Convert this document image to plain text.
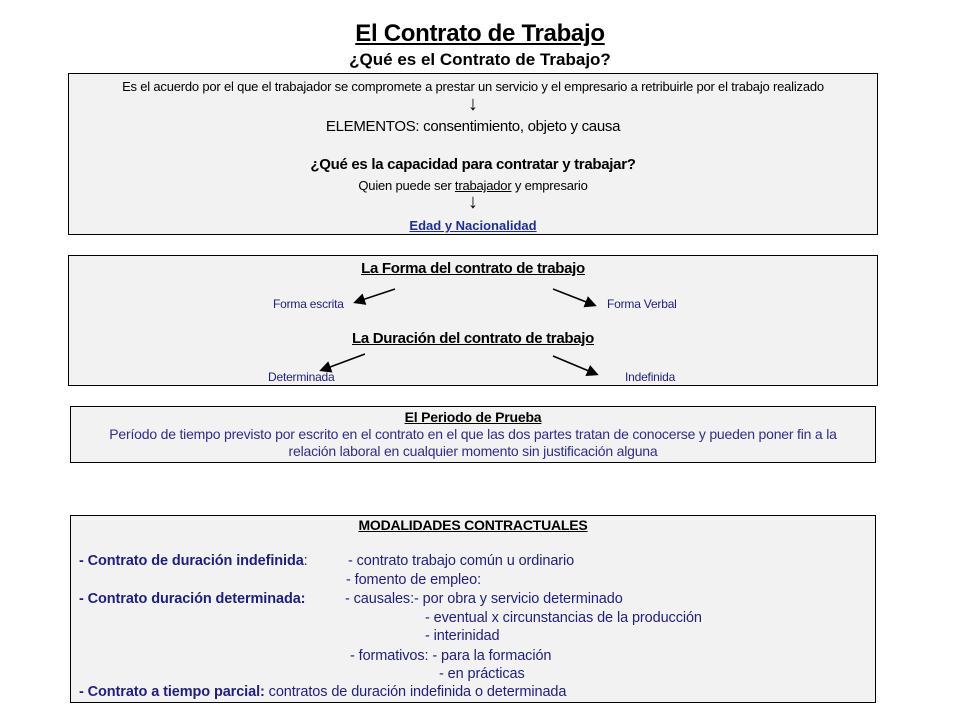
El Contrato de Trabajo
¿Qué es el Contrato de Trabajo?
Es el acuerdo por el que el trabajador se compromete a prestar un servicio y el empresario a retribuirle por el trabajo realizado
↓
ELEMENTOS: consentimiento, objeto y causa
¿Qué es la capacidad para contratar y trabajar?
Quien puede ser trabajador y empresario
↓
Edad y Nacionalidad
La Forma del contrato de trabajo
Forma escrita	Forma Verbal
La Duración del contrato de trabajo
Determinada	Indefinida
El Periodo de Prueba
Período de tiempo previsto por escrito en el contrato en el que las dos partes tratan de conocerse y pueden poner fin a la
relación laboral en cualquier momento sin justificación alguna
MODALIDADES CONTRACTUALES
- Contrato de duración indefinida:	- contrato trabajo común u ordinario
- fomento de empleo:
- Contrato duración determinada:	- causales:- por obra y servicio determinado
- eventual x circunstancias de la producción
- interinidad
- formativos: - para la formación
- en prácticas
- Contrato a tiempo parcial: contratos de duración indefinida o determinada
